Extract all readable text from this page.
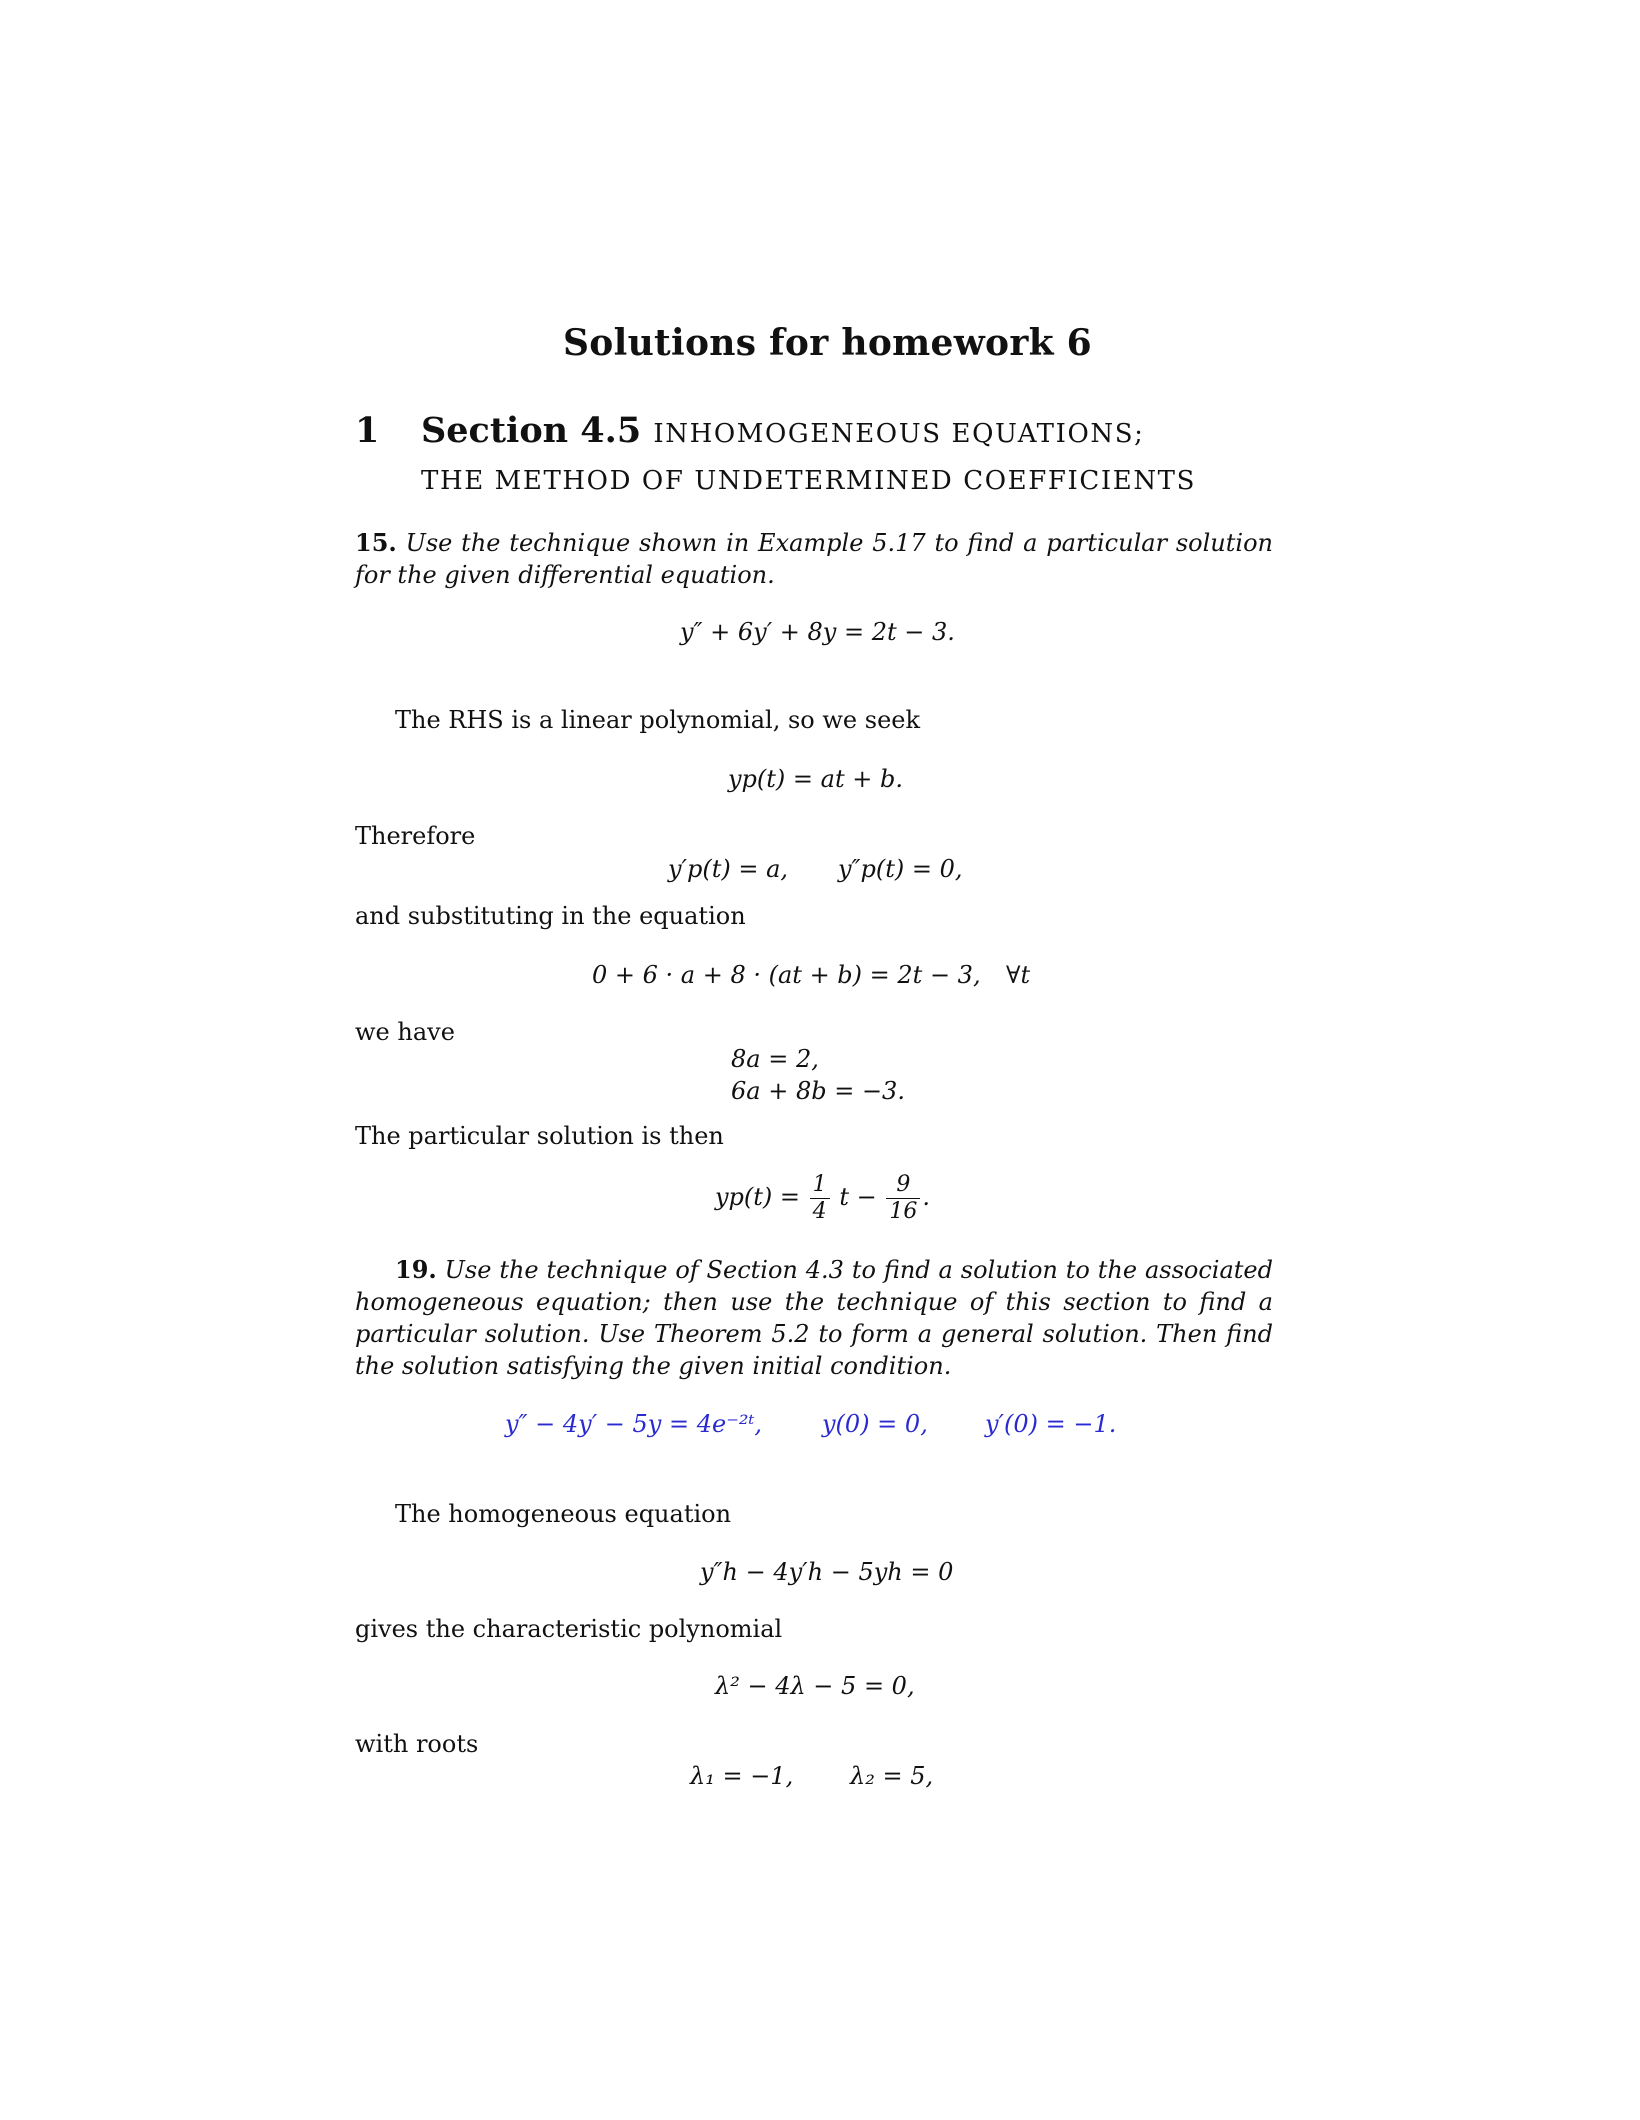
Solutions for homework 6
1 Section 4.5 INHOMOGENEOUS EQUATIONS;
THE METHOD OF UNDETERMINED COEFFICIENTS
15. Use the technique shown in Example 5.17 to find a particular solution for the given differential equation.
y″ + 6y′ + 8y = 2t − 3.
The RHS is a linear polynomial, so we seek
yp(t) = at + b.
Therefore
y′p(t) = a, y″p(t) = 0,
and substituting in the equation
0 + 6 · a + 8 · (at + b) = 2t − 3, ∀t
we have
8a = 2,
6a + 8b = −3.
The particular solution is then
$yp(t) = \frac{1}{4}$ $t - \frac{9}{16}$ .
19. Use the technique of Section 4.3 to find a solution to the associated homogeneous equation; then use the technique of this section to find a particular solution. Use Theorem 5.2 to form a general solution. Then find the solution satisfying the given initial condition.
y″ − 4y′ − 5y = 4e⁻²ᵗ, y(0) = 0, y′(0) = −1.
The homogeneous equation
y″h − 4y′h − 5yh = 0
gives the characteristic polynomial
λ² − 4λ − 5 = 0,
with roots
λ₁ = −1, λ₂ = 5,
